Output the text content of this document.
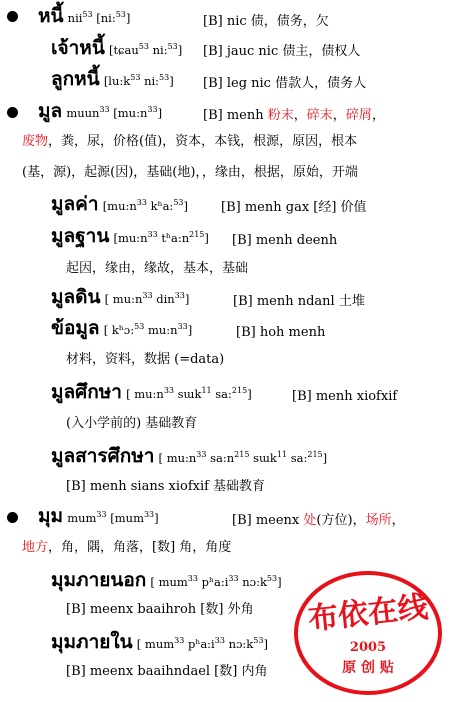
หนี้ nii$^{53}$ [ni:$^{53}$]	[B] nic 债，债务，欠
เจ้าหนี้ [tɕau$^{53}$ ni:$^{53}$] [B] jauc nic 债主，债权人
ลูกหนี้ [$lu:k^{53}$ ni:$^{53}$] [B] leg nic 借款人，债务人
มูล muun$^{33}$ $[mu:n^{33}]$	[B] menh 粉末，碎末，碎屑，
废物，粪，尿，价格(值)，资本，本钱，根源，原因，根本
(基，源)，起源(因)，基础(地)，，缘由，根据，原始，开端
มูลค่า [$mu:n^{33}$ kʰa:$^{53}$]	[B] menh gax [经] 价值
มูลฐาน [$mu:n^{33}$ $tʰa:n^{215}$] [B] menh deenh
起因，缘由，缘故，基本，基础
มูลดิน [ $mu:n^{33}$ din$^{33}$]	[B] menh ndanl 土堆
ข้อมูล [ kʰɔ:$^{53}$ $mu:n^{33}$]	[B] hoh menh
材料，资料，数据 (=data)
มูลศึกษา [ $mu:n^{33}$ sɯk$^{11}$ sa:$^{215}$]	[B] menh xiofxif
(入小学前的) 基础教育
มูลสารศึกษา [ $mu:n^{33}$ $sa:n^{215}$ sɯk$^{11}$ sa:$^{215}$]
[B] menh sians xiofxif 基础教育
มุม mum$^{33}$ [mum$^{33}$]	[B] meenx 处(方位)，场所，
地方，角，隅，角落，[数] 角，角度
มุมภายนอก [ mum$^{33}$ $pʰa:i^{33}$ $nɔ:k^{53}$]
[B] meenx baaihroh [数] 外角
มุมภายใน [ mum$^{33}$ $pʰa:i^{33}$ $nɔ:k^{53}$]
[B] meenx baaihndael [数] 内角
布依在线
2005
原 创 贴
